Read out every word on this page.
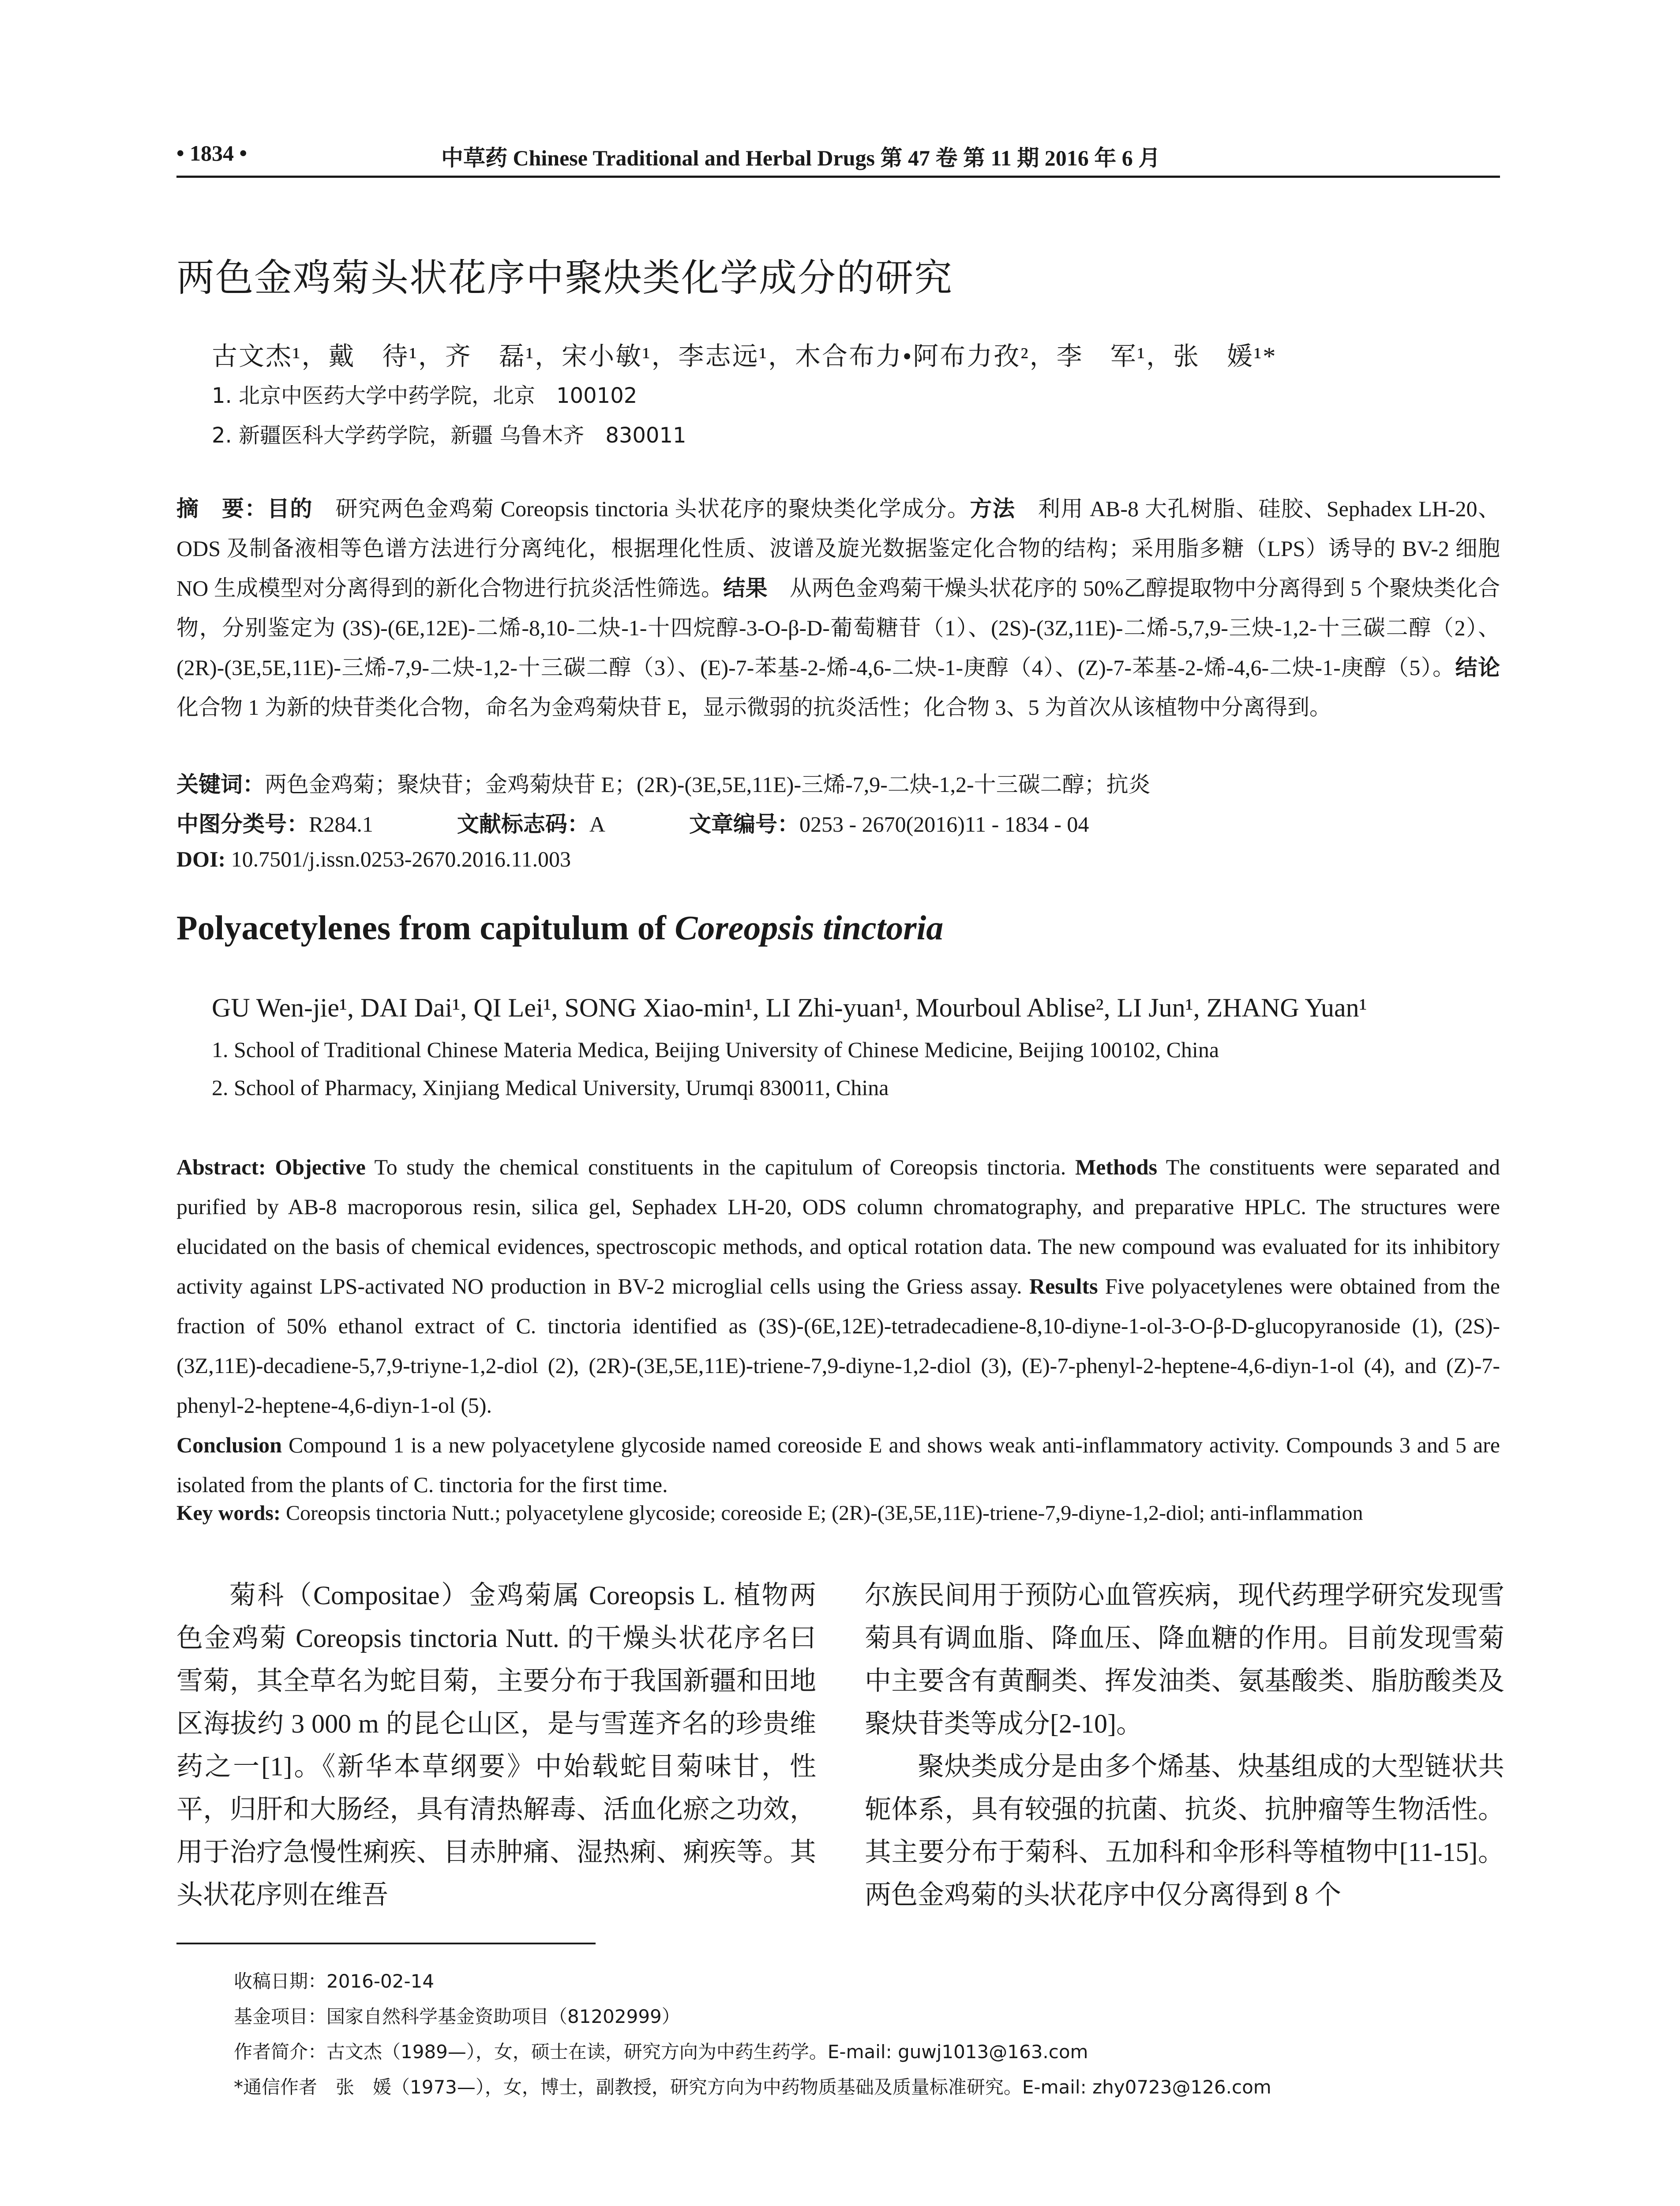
• 1834 •	中草药 Chinese Traditional and Herbal Drugs 第 47 卷 第 11 期 2016 年 6 月
两色金鸡菊头状花序中聚炔类化学成分的研究
古文杰¹，戴　待¹，齐　磊¹，宋小敏¹，李志远¹，木合布力•阿布力孜²，李　军¹，张　媛¹*
1. 北京中医药大学中药学院，北京　100102
2. 新疆医科大学药学院，新疆 乌鲁木齐　830011
摘　要：目的　 研究两色金鸡菊 Coreopsis tinctoria 头状花序的聚炔类化学成分。方法　 利用 AB-8 大孔树脂、硅胶、Sephadex LH-20、ODS 及制备液相等色谱方法进行分离纯化，根据理化性质、波谱及旋光数据鉴定化合物的结构；采用脂多糖（LPS）诱导的 BV-2 细胞 NO 生成模型对分离得到的新化合物进行抗炎活性筛选。结果　 从两色金鸡菊干燥头状花序的 50%乙醇提取物中分离得到 5 个聚炔类化合物，分别鉴定为 (3S)-(6E,12E)-二烯-8,10-二炔-1-十四烷醇-3-O-β-D-葡萄糖苷（1）、(2S)-(3Z,11E)-二烯-5,7,9-三炔-1,2-十三碳二醇（2）、(2R)-(3E,5E,11E)-三烯-7,9-二炔-1,2-十三碳二醇（3）、(E)-7-苯基-2-烯-4,6-二炔-1-庚醇（4）、(Z)-7-苯基-2-烯-4,6-二炔-1-庚醇（5）。结论　化合物 1 为新的炔苷类化合物，命名为金鸡菊炔苷 E，显示微弱的抗炎活性；化合物 3、5 为首次从该植物中分离得到。
关键词：两色金鸡菊；聚炔苷；金鸡菊炔苷 E；(2R)-(3E,5E,11E)-三烯-7,9-二炔-1,2-十三碳二醇；抗炎
中图分类号：R284.1	文献标志码：A	文章编号：0253 - 2670(2016)11 - 1834 - 04
DOI: 10.7501/j.issn.0253-2670.2016.11.003
Polyacetylenes from capitulum of Coreopsis tinctoria
GU Wen-jie¹, DAI Dai¹, QI Lei¹, SONG Xiao-min¹, LI Zhi-yuan¹, Mourboul Ablise², LI Jun¹, ZHANG Yuan¹
1. School of Traditional Chinese Materia Medica, Beijing University of Chinese Medicine, Beijing 100102, China
2. School of Pharmacy, Xinjiang Medical University, Urumqi 830011, China
Abstract: Objective To study the chemical constituents in the capitulum of Coreopsis tinctoria. Methods The constituents were separated and purified by AB-8 macroporous resin, silica gel, Sephadex LH-20, ODS column chromatography, and preparative HPLC. The structures were elucidated on the basis of chemical evidences, spectroscopic methods, and optical rotation data. The new compound was evaluated for its inhibitory activity against LPS-activated NO production in BV-2 microglial cells using the Griess assay. Results Five polyacetylenes were obtained from the fraction of 50% ethanol extract of C. tinctoria identified as (3S)-(6E,12E)-tetradecadiene-8,10-diyne-1-ol-3-O-β-D-glucopyranoside (1), (2S)-(3Z,11E)-decadiene-5,7,9-triyne-1,2-diol (2), (2R)-(3E,5E,11E)-triene-7,9-diyne-1,2-diol (3), (E)-7-phenyl-2-heptene-4,6-diyn-1-ol (4), and (Z)-7-phenyl-2-heptene-4,6-diyn-1-ol (5).
Conclusion Compound 1 is a new polyacetylene glycoside named coreoside E and shows weak anti-inflammatory activity. Compounds 3 and 5 are isolated from the plants of C. tinctoria for the first time.
Key words: Coreopsis tinctoria Nutt.; polyacetylene glycoside; coreoside E; (2R)-(3E,5E,11E)-triene-7,9-diyne-1,2-diol; anti-inflammation

菊科（Compositae）金鸡菊属 Coreopsis L. 植物两色金鸡菊 Coreopsis tinctoria Nutt. 的干燥头状花序名曰雪菊，其全草名为蛇目菊，主要分布于我国新疆和田地区海拔约 3 000 m 的昆仑山区，是与雪莲齐名的珍贵维药之一[1]。《新华本草纲要》中始载蛇目菊味甘，性平，归肝和大肠经，具有清热解毒、活血化瘀之功效，用于治疗急慢性痢疾、目赤肿痛、湿热痢、痢疾等。其头状花序则在维吾

尔族民间用于预防心血管疾病，现代药理学研究发现雪菊具有调血脂、降血压、降血糖的作用。目前发现雪菊中主要含有黄酮类、挥发油类、氨基酸类、脂肪酸类及聚炔苷类等成分[2-10]。

聚炔类成分是由多个烯基、炔基组成的大型链状共轭体系，具有较强的抗菌、抗炎、抗肿瘤等生物活性。其主要分布于菊科、五加科和伞形科等植物中[11-15]。两色金鸡菊的头状花序中仅分离得到 8 个

收稿日期：2016-02-14
基金项目：国家自然科学基金资助项目（81202999）
作者简介：古文杰（1989—），女，硕士在读，研究方向为中药生药学。E-mail: guwj1013@163.com
*通信作者　张　媛（1973—），女，博士，副教授，研究方向为中药物质基础及质量标准研究。E-mail: zhy0723@126.com
